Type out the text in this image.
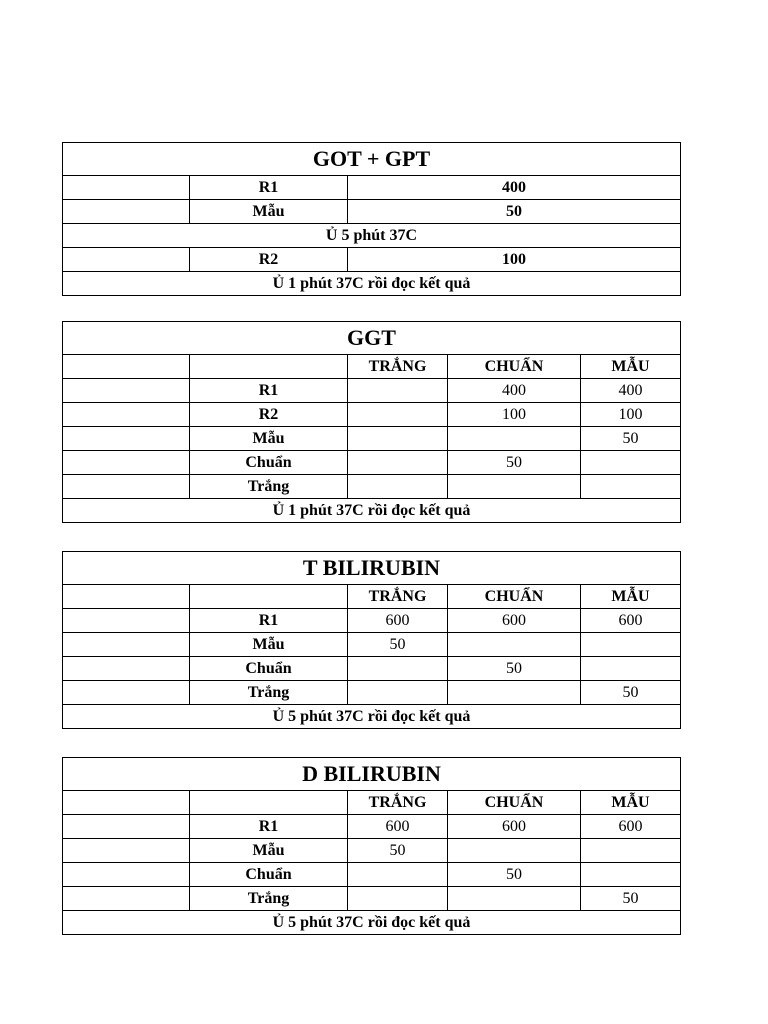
GOT + GPT		
	R1	400
	Mẫu	50
Ủ 5 phút 37C		
	R2	100
Ủ 1 phút 37C rồi đọc kết quả		
GGT				
		TRẮNG	CHUẨN	MẪU
	R1		400	400
	R2		100	100
	Mẫu			50
	Chuẩn		50	
	Trắng			
Ủ 1 phút 37C rồi đọc kết quả				
T BILIRUBIN				
		TRẮNG	CHUẨN	MẪU
	R1	600	600	600
	Mẫu	50		
	Chuẩn		50	
	Trắng			50
Ủ 5 phút 37C rồi đọc kết quả				
D BILIRUBIN				
		TRẮNG	CHUẨN	MẪU
	R1	600	600	600
	Mẫu	50		
	Chuẩn		50	
	Trắng			50
Ủ 5 phút 37C rồi đọc kết quả				
